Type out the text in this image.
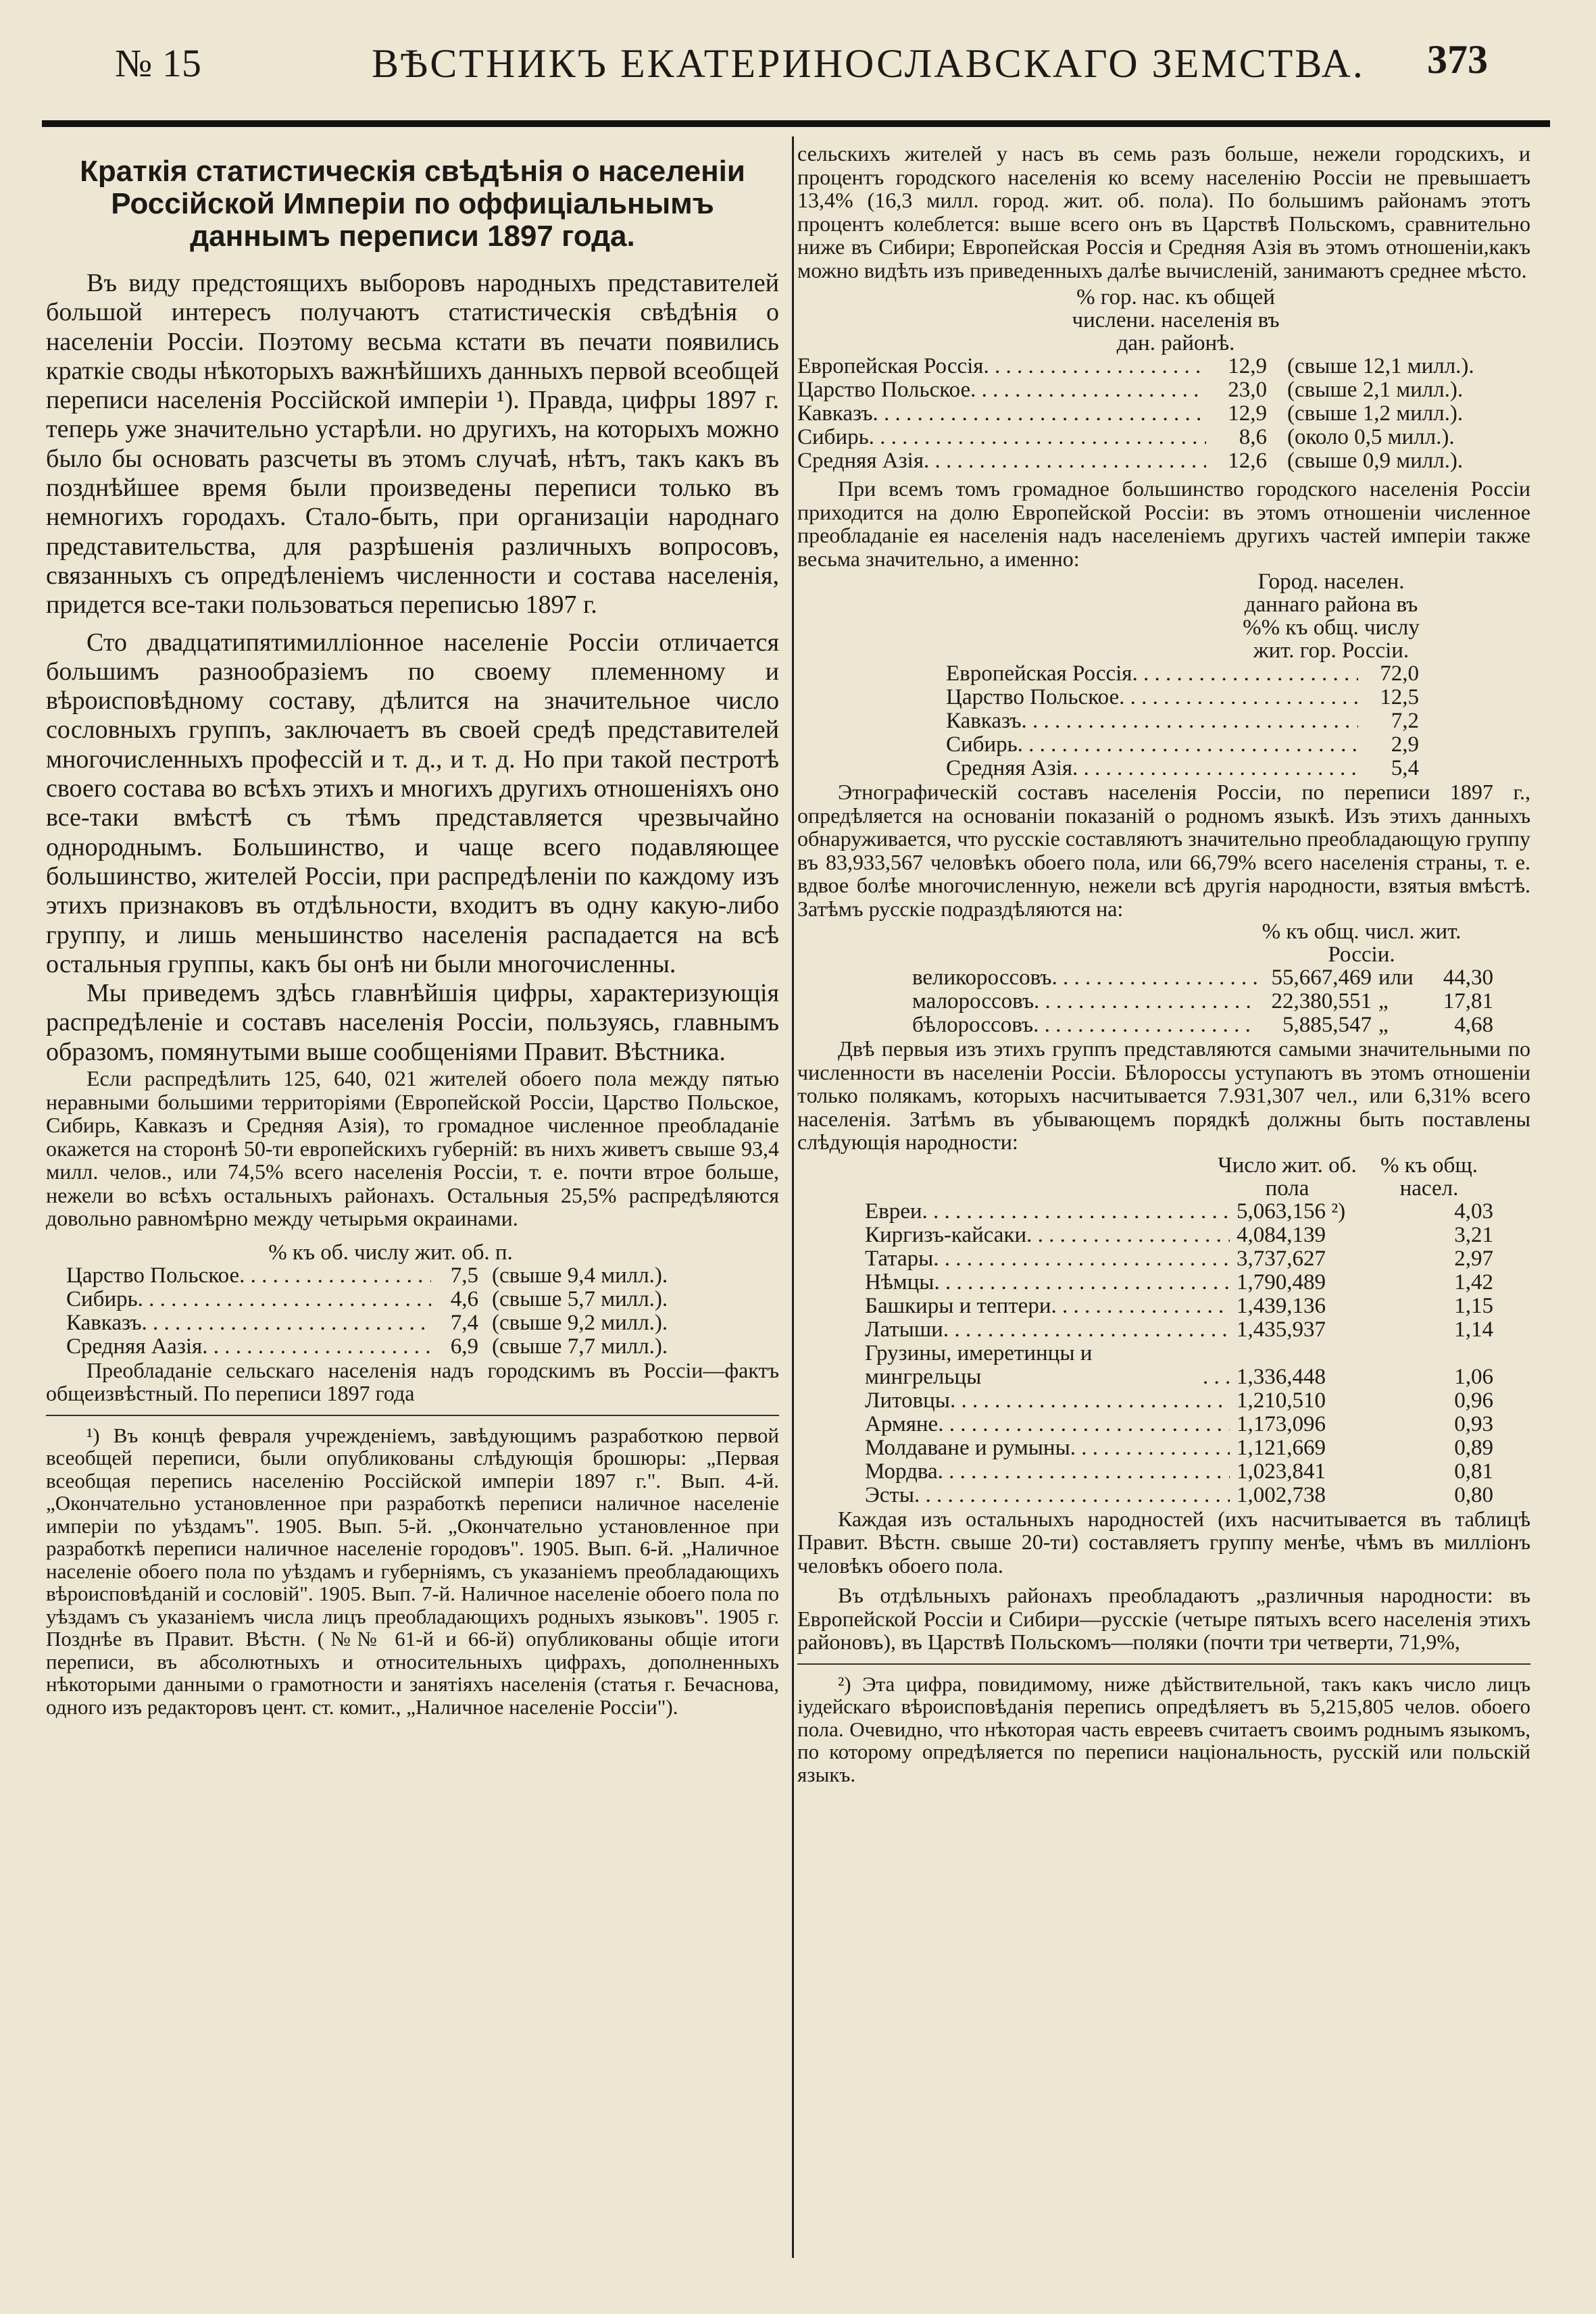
№ 15	ВѢСТНИКЪ ЕКАТЕРИНОСЛАВСКАГО ЗЕМСТВА. 373
Краткія статистическія свѣдѣнія о населеніи Россійской Имперіи по оффиціальнымъ даннымъ переписи 1897 года.

Въ виду предстоящихъ выборовъ народныхъ представителей большой интересъ получаютъ статистическія свѣдѣнія о населеніи Россіи. Поэтому весьма кстати въ печати появились краткіе своды нѣкоторыхъ важнѣйшихъ данныхъ первой всеобщей переписи населенія Россійской имперіи ¹). Правда, цифры 1897 г. теперь уже значительно устарѣли. но другихъ, на которыхъ можно было бы основать разсчеты въ этомъ случаѣ, нѣтъ, такъ какъ въ позднѣйшее время были произведены переписи только въ немногихъ городахъ. Стало-быть, при организаціи народнаго представительства, для разрѣшенія различныхъ вопросовъ, связанныхъ съ опредѣленіемъ численности и состава населенія, придется все-таки пользоваться переписью 1897 г.

Сто двадцатипятимилліонное населеніе Россіи отличается большимъ разнообразіемъ по своему племенному и вѣроисповѣдному составу, дѣлится на значительное число сословныхъ группъ, заключаетъ въ своей средѣ представителей многочисленныхъ профессій и т. д., и т. д. Но при такой пестротѣ своего состава во всѣхъ этихъ и многихъ другихъ отношеніяхъ оно все-таки вмѣстѣ съ тѣмъ представляется чрезвычайно однороднымъ. Большинство, и чаще всего подавляющее большинство, жителей Россіи, при распредѣленіи по каждому изъ этихъ признаковъ въ отдѣльности, входитъ въ одну какую-либо группу, и лишь меньшинство населенія распадается на всѣ остальныя группы, какъ бы онѣ ни были многочисленны.

Мы приведемъ здѣсь главнѣйшія цифры, характеризующія распредѣленіе и составъ населенія Россіи, пользуясь, главнымъ образомъ, помянутыми выше сообщеніями Правит. Вѣстника.

Если распредѣлить 125, 640, 021 жителей обоего пола между пятью неравными большими территоріями (Европейской Россіи, Царство Польское, Сибирь, Кавказъ и Средняя Азія), то громадное численное преобладаніе окажется на сторонѣ 50-ти европейскихъ губерній: въ нихъ живетъ свыше 93,4 милл. челов., или 74,5% всего населенія Россіи, т. е. почти втрое больше, нежели во всѣхъ остальныхъ районахъ. Остальныя 25,5% распредѣляются довольно равномѣрно между четырьмя окраинами.

% къ об. числу жит. об. п.
Царство Польское . . .	7,5 (свыше 9,4 милл.).
Сибирь . . .	4,6 (свыше 5,7 милл.).
Кавказъ . . .	7,4 (свыше 9,2 милл.).
Средняя Аазія . . .	6,9 (свыше 7,7 милл.).

Преобладаніе сельскаго населенія надъ городскимъ въ Россіи—фактъ общеизвѣстный. По переписи 1897 года

¹) Въ концѣ февраля учрежденіемъ, завѣдующимъ разработкою первой всеобщей переписи, были опубликованы слѣдующія брошюры: „Первая всеобщая перепись населенію Россійской имперіи 1897 г.". Вып. 4-й. „Окончательно установленное при разработкѣ переписи наличное населеніе имперіи по уѣздамъ". 1905. Вып. 5-й. „Окончательно установленное при разработкѣ переписи наличное населеніе городовъ". 1905. Вып. 6-й. „Наличное населеніе обоего пола по уѣздамъ и губерніямъ, съ указаніемъ преобладающихъ вѣроисповѣданій и сословій". 1905. Вып. 7-й. Наличное населеніе обоего пола по уѣздамъ съ указаніемъ числа лицъ преобладающихъ родныхъ языковъ". 1905 г. Позднѣе въ Правит. Вѣстн. (№№ 61-й и 66-й) опубликованы общіе итоги переписи, въ абсолютныхъ и относительныхъ цифрахъ, дополненныхъ нѣкоторыми данными о грамотности и занятіяхъ населенія (статья г. Бечаснова, одного изъ редакторовъ цент. ст. комит., „Наличное населеніе Россіи").

сельскихъ жителей у насъ въ семь разъ больше, нежели городскихъ, и процентъ городского населенія ко всему населенію Россіи не превышаетъ 13,4% (16,3 милл. город. жит. об. пола). По большимъ районамъ этотъ процентъ колеблется: выше всего онъ въ Царствѣ Польскомъ, сравнительно ниже въ Сибири; Европейская Россія и Средняя Азія въ этомъ отношеніи,какъ можно видѣть изъ приведенныхъ далѣе вычисленій, занимаютъ среднее мѣсто.

% гор. нас. къ общей числени. населенія въ дан. районѣ.
Европейская Россія . . .	12,9 (свыше 12,1 милл.).
Царство Польское . . .	23,0 (свыше 2,1 милл.).
Кавказъ . . .	12,9 (свыше 1,2 милл.).
Сибирь . . .	8,6 (около 0,5 милл.).
Средняя Азія . . .	12,6 (свыше 0,9 милл.).

При всемъ томъ громадное большинство городского населенія Россіи приходится на долю Европейской Россіи: въ этомъ отношеніи численное преобладаніе ея населенія надъ населеніемъ другихъ частей имперіи также весьма значительно, а именно:

Город. населен. даннаго района въ %% къ общ. числу жит. гор. Россіи.
Европейская Россія . . .	72,0
Царство Польское . . .	12,5
Кавказъ . . .	7,2
Сибирь . . .	2,9
Средняя Азія . . .	5,4

Этнографическій составъ населенія Россіи, по переписи 1897 г., опредѣляется на основаніи показаній о родномъ языкѣ. Изъ этихъ данныхъ обнаруживается, что русскіе составляютъ значительно преобладающую группу въ 83,933,567 человѣкъ обоего пола, или 66,79% всего населенія страны, т. е. вдвое болѣе многочисленную, нежели всѣ другія народности, взятыя вмѣстѣ. Затѣмъ русскіе подраздѣляются на:

% къ общ. числ. жит. Россіи.
великороссовъ . . .	55,667,469 или	44,30
малороссовъ . . .	22,380,551 „	17,81
бѣлороссовъ . . .	5,885,547 „	4,68

Двѣ первыя изъ этихъ группъ представляются самыми значительными по численности въ населеніи Россіи. Бѣлороссы уступаютъ въ этомъ отношеніи только полякамъ, которыхъ насчитывается 7.931,307 чел., или 6,31% всего населенія. Затѣмъ въ убывающемъ порядкѣ должны быть поставлены слѣдующія народности:

Число жит. об. пола
% къ общ. насел.
Евреи . . .	5,063,156 ²)	4,03
Киргизъ-кайсаки . . .	4,084,139	3,21
Татары . . .	3,737,627	2,97
Нѣмцы . . .	1,790,489	1,42
Башкиры и тептери . . .	1,439,136	1,15
Латыши . . .	1,435,937	1,14
Грузины, имеретинцы и мингрельцы . . .	1,336,448	1,06
Литовцы . . .	1,210,510	0,96
Армяне . . .	1,173,096	0,93
Молдаване и румыны . . .	1,121,669	0,89
Мордва . . .	1,023,841	0,81
Эсты . . .	1,002,738	0,80

Каждая изъ остальныхъ народностей (ихъ насчитывается въ таблицѣ Правит. Вѣстн. свыше 20-ти) составляетъ группу менѣе, чѣмъ въ милліонъ человѣкъ обоего пола.

Въ отдѣльныхъ районахъ преобладаютъ „различныя народности: въ Европейской Россіи и Сибири—русскіе (четыре пятыхъ всего населенія этихъ районовъ), въ Царствѣ Польскомъ—поляки (почти три четверти, 71,9%,

²) Эта цифра, повидимому, ниже дѣйствительной, такъ какъ число лицъ іудейскаго вѣроисповѣданія перепись опредѣляетъ въ 5,215,805 челов. обоего пола. Очевидно, что нѣкоторая часть евреевъ считаетъ своимъ роднымъ языкомъ, по которому опредѣляется по переписи національность, русскій или польскій языкъ.
